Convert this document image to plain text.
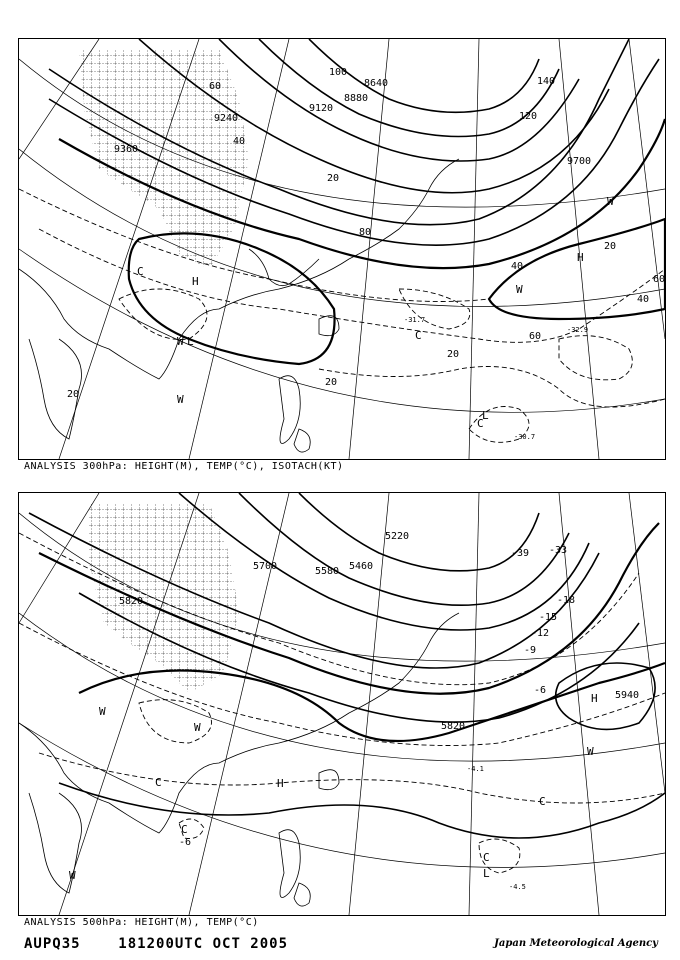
9120
9240
9360
8640
8880
9700
20
40
60
80
100
120
140
20
20
20
40
60
20
40
60
-31.7
-30.7
-32.9
H
L
C
W
H
W
C
L
W
W
C
ANALYSIS 300hPa: HEIGHT(M), TEMP(°C), ISOTACH(KT)
5820
5700	5580 5460
5220
5940
5820
-39 -33
-18
-15
-12
-9
-6
-6
-4.1
-4.5
W
W
C	H
C
W
H
W
C
C
L
ANALYSIS 500hPa: HEIGHT(M), TEMP(°C)
AUPQ35	181200UTC OCT 2005	Japan Meteorological Agency
